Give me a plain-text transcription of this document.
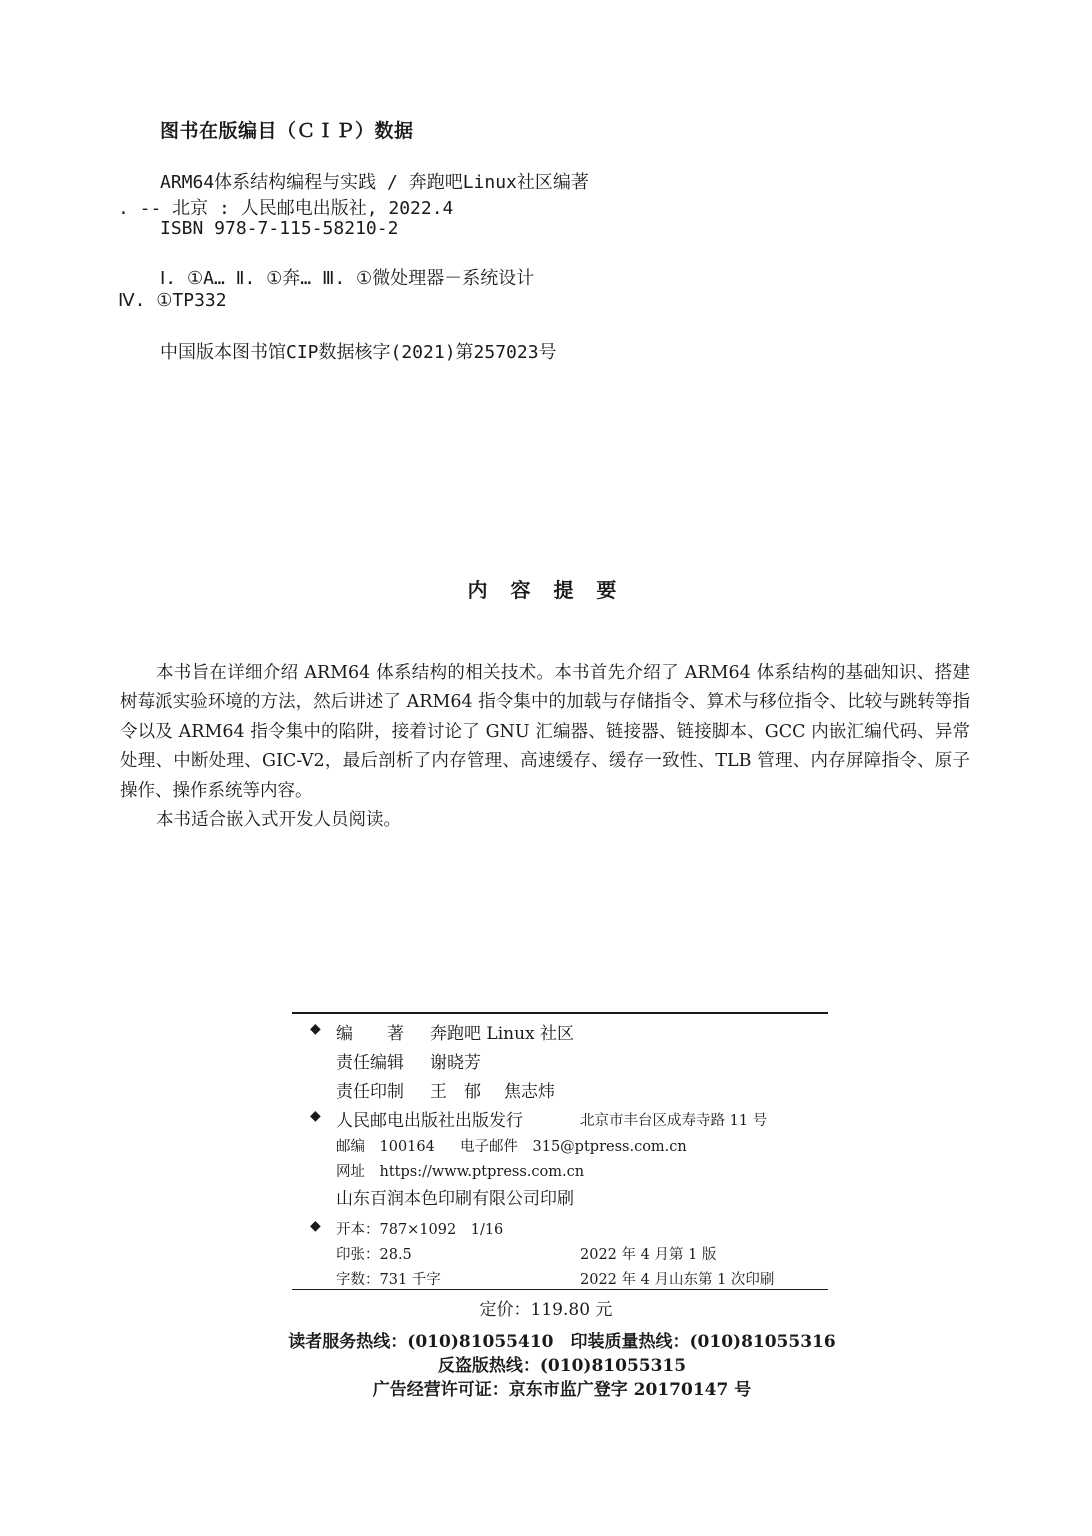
图书在版编目（ＣＩＰ）数据
ARM64体系结构编程与实践 / 奔跑吧Linux社区编著
. -- 北京 : 人民邮电出版社, 2022.4
ISBN 978-7-115-58210-2
Ⅰ. ①A… Ⅱ. ①奔… Ⅲ. ①微处理器－系统设计
Ⅳ. ①TP332
中国版本图书馆CIP数据核字(2021)第257023号
内 容 提 要

本书旨在详细介绍 ARM64 体系结构的相关技术。本书首先介绍了 ARM64 体系结构的基础知识、搭建树莓派实验环境的方法，然后讲述了 ARM64 指令集中的加载与存储指令、算术与移位指令、比较与跳转等指令以及 ARM64 指令集中的陷阱，接着讨论了 GNU 汇编器、链接器、链接脚本、GCC 内嵌汇编代码、异常处理、中断处理、GIC-V2，最后剖析了内存管理、高速缓存、缓存一致性、TLB 管理、内存屏障指令、原子操作、操作系统等内容。

本书适合嵌入式开发人员阅读。

◆ 编　　著 奔跑吧 Linux 社区
责任编辑 谢晓芳
责任印制 王　郁 焦志炜
◆ 人民邮电出版社出版发行	北京市丰台区成寿寺路 11 号
邮编　100164 电子邮件　315@ptpress.com.cn
网址　https://www.ptpress.com.cn
山东百润本色印刷有限公司印刷
◆ 开本：787×1092　1/16
印张：28.5	2022 年 4 月第 1 版
字数：731 千字	2022 年 4 月山东第 1 次印刷
定价：119.80 元
读者服务热线：(010)81055410　印装质量热线：(010)81055316
反盗版热线：(010)81055315
广告经营许可证：京东市监广登字 20170147 号
